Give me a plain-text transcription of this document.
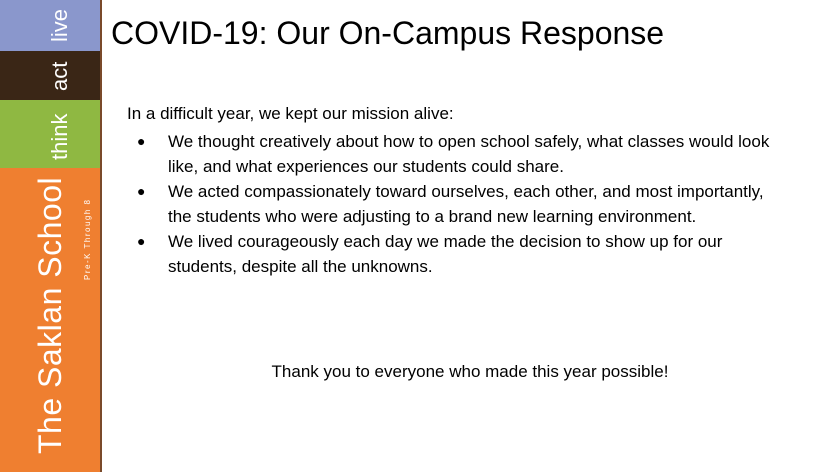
live
act
think
The Saklan School Pre-K Through 8
COVID-19: Our On-Campus Response

In a difficult year, we kept our mission alive:

● We thought creatively about how to open school safely, what classes would look like, and what experiences our students could share.
● We acted compassionately toward ourselves, each other, and most importantly, the students who were adjusting to a brand new learning environment.
● We lived courageously each day we made the decision to show up for our students, despite all the unknowns.
Thank you to everyone who made this year possible!
